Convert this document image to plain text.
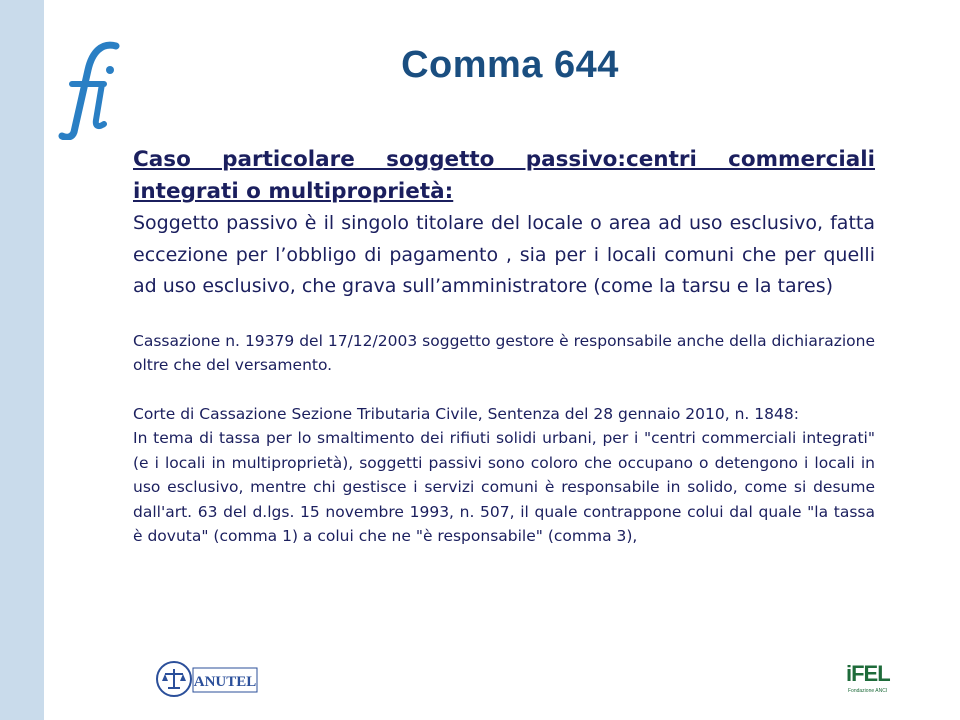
Comma 644

Caso particolare soggetto passivo:centri commerciali integrati o multiproprietà:

Soggetto passivo è il singolo titolare del locale o area ad uso esclusivo, fatta eccezione per l’obbligo di pagamento , sia per i locali comuni che per quelli ad uso esclusivo, che grava sull’amministratore (come la tarsu e la tares)

Cassazione n. 19379 del 17/12/2003 soggetto gestore è responsabile anche della dichiarazione oltre che del versamento.

Corte di Cassazione Sezione Tributaria Civile, Sentenza del 28 gennaio 2010, n. 1848:

In tema di tassa per lo smaltimento dei rifiuti solidi urbani, per i "centri commerciali integrati" (e i locali in multiproprietà), soggetti passivi sono coloro che occupano o detengono i locali in uso esclusivo, mentre chi gestisce i servizi comuni è responsabile in solido, come si desume dall'art. 63 del d.lgs. 15 novembre 1993, n. 507, il quale contrappone colui dal quale "la tassa è dovuta" (comma 1) a colui che ne "è responsabile" (comma 3),

ANUTEL	iFEL
Fondazione ANCI
